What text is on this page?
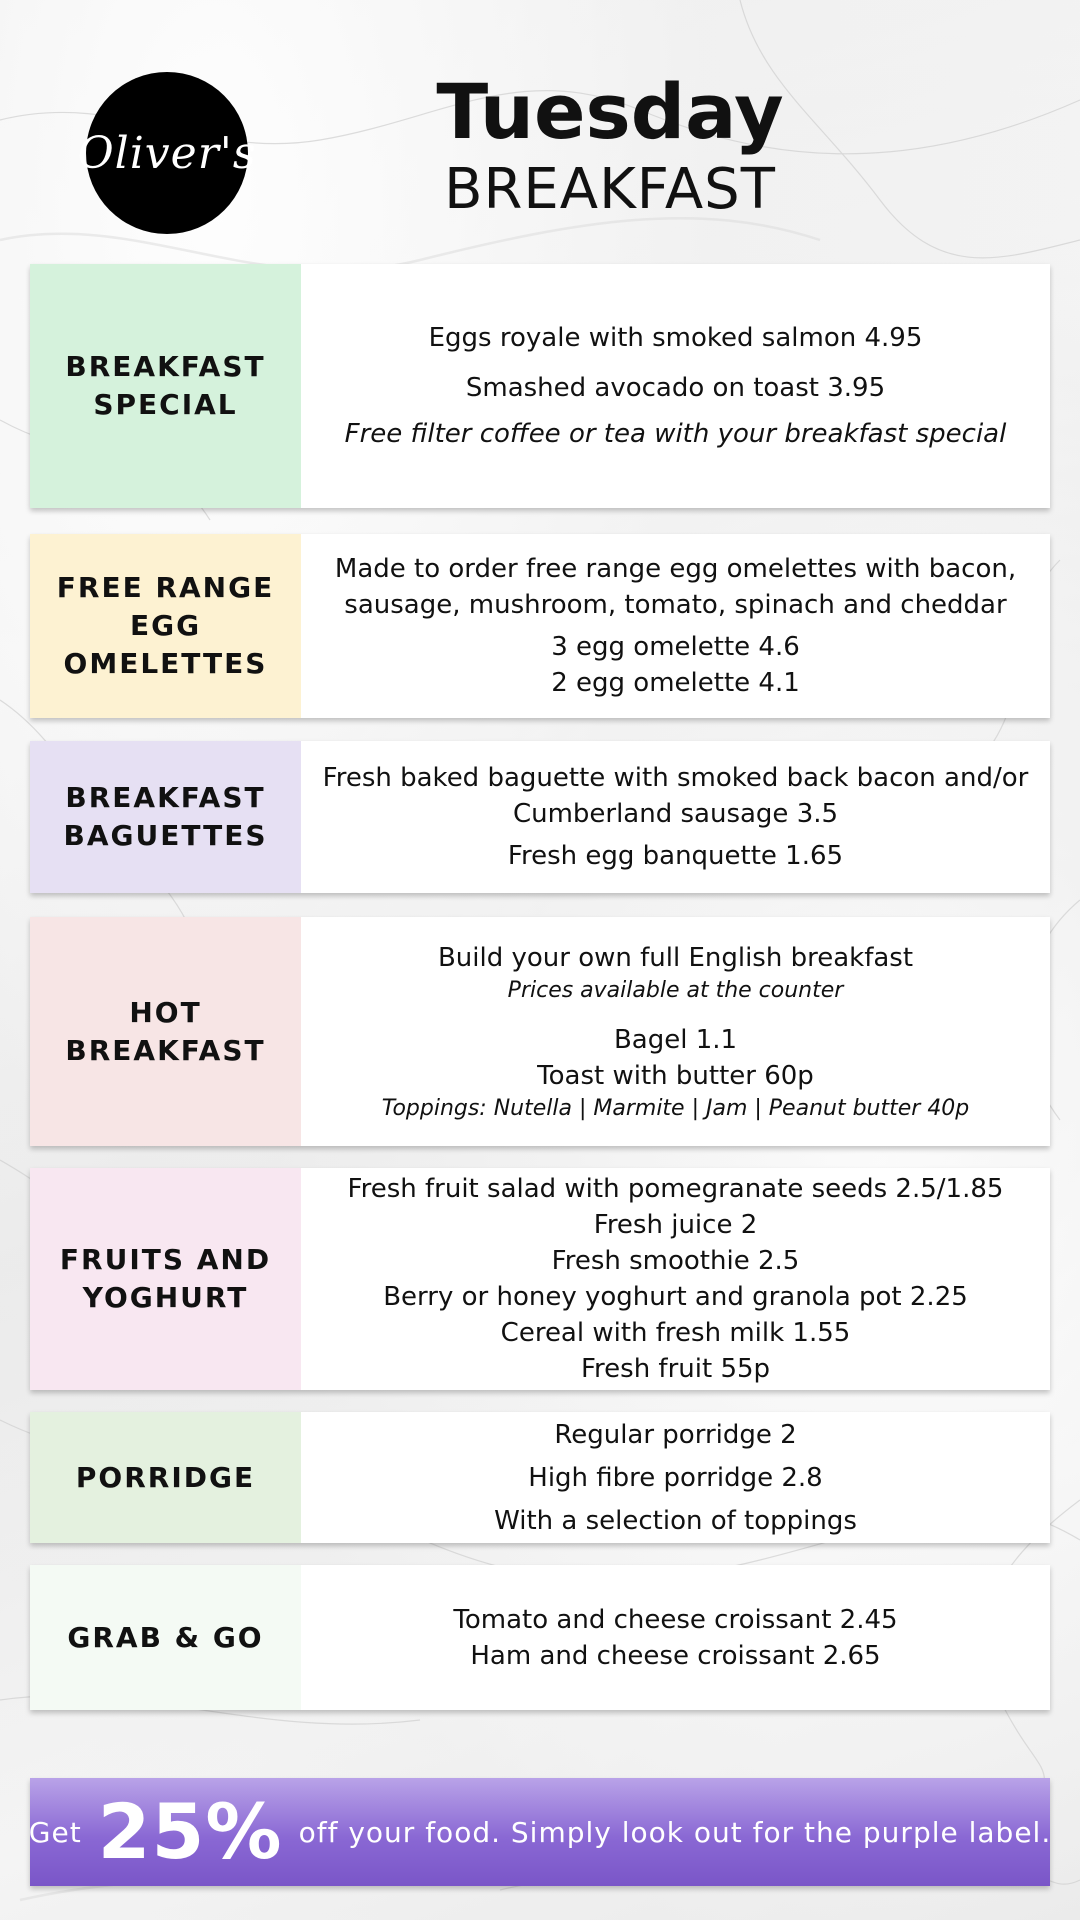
Oliver's	Tuesday
BREAKFAST
BREAKFAST
SPECIAL
Eggs royale with smoked salmon 4.95
Smashed avocado on toast 3.95
Free filter coffee or tea with your breakfast special
FREE RANGE
EGG
OMELETTES
Made to order free range egg omelettes with bacon,
sausage, mushroom, tomato, spinach and cheddar
3 egg omelette 4.6
2 egg omelette 4.1
BREAKFAST
BAGUETTES
Fresh baked baguette with smoked back bacon and/or
Cumberland sausage 3.5
Fresh egg banquette 1.65
HOT
BREAKFAST
Build your own full English breakfast
Prices available at the counter
Bagel 1.1
Toast with butter 60p
Toppings: Nutella | Marmite | Jam | Peanut butter 40p
FRUITS AND
YOGHURT
Fresh fruit salad with pomegranate seeds 2.5/1.85
Fresh juice 2
Fresh smoothie 2.5
Berry or honey yoghurt and granola pot 2.25
Cereal with fresh milk 1.55
Fresh fruit 55p
PORRIDGE
Regular porridge 2
High fibre porridge 2.8
With a selection of toppings
GRAB & GO
Tomato and cheese croissant 2.45
Ham and cheese croissant 2.65
Get 25% off your food. Simply look out for the purple label.
